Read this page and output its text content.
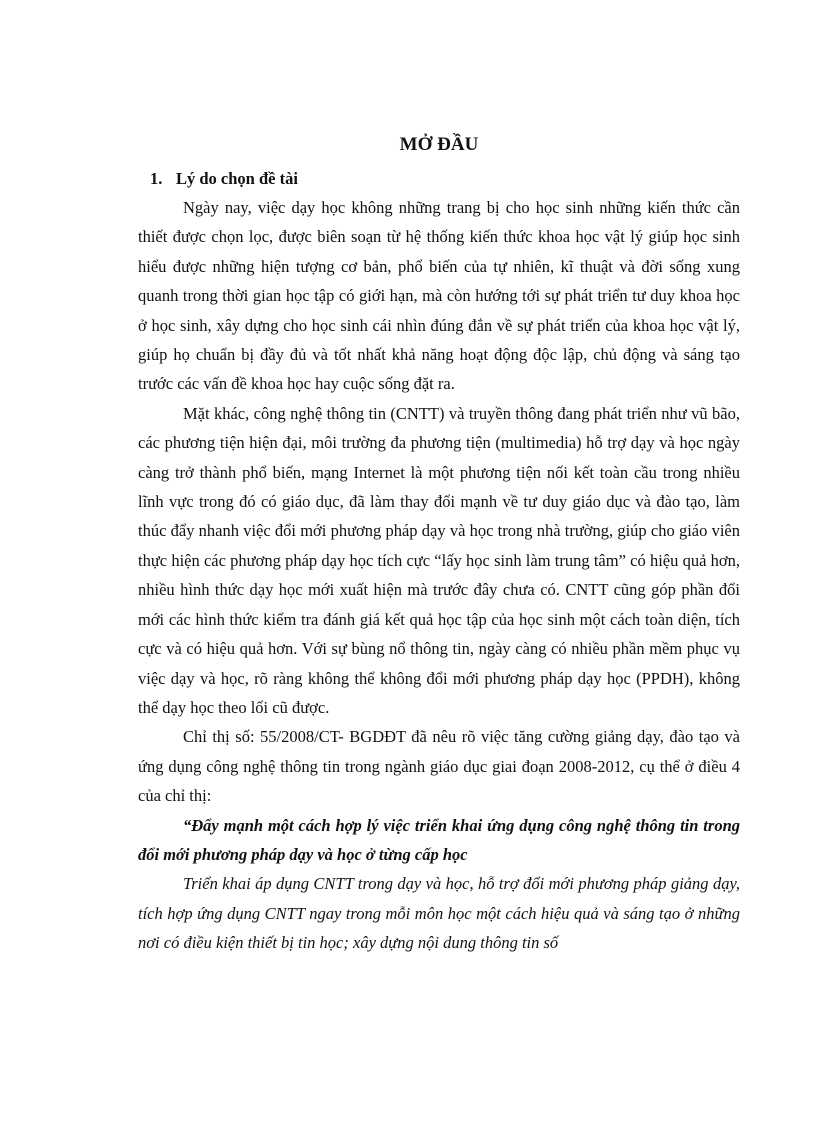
MỞ ĐẦU
1. Lý do chọn đề tài

Ngày nay, việc dạy học không những trang bị cho học sinh những kiến thức cần thiết được chọn lọc, được biên soạn từ hệ thống kiến thức khoa học vật lý giúp học sinh hiểu được những hiện tượng cơ bản, phổ biến của tự nhiên, kĩ thuật và đời sống xung quanh trong thời gian học tập có giới hạn, mà còn hướng tới sự phát triển tư duy khoa học ở học sinh, xây dựng cho học sinh cái nhìn đúng đắn về sự phát triển của khoa học vật lý, giúp họ chuẩn bị đầy đủ và tốt nhất khả năng hoạt động độc lập, chủ động và sáng tạo trước các vấn đề khoa học hay cuộc sống đặt ra.

Mặt khác, công nghệ thông tin (CNTT) và truyền thông đang phát triển như vũ bão, các phương tiện hiện đại, môi trường đa phương tiện (multimedia) hỗ trợ dạy và học ngày càng trở thành phổ biến, mạng Internet là một phương tiện nối kết toàn cầu trong nhiều lĩnh vực trong đó có giáo dục, đã làm thay đổi mạnh về tư duy giáo dục và đào tạo, làm thúc đẩy nhanh việc đổi mới phương pháp dạy và học trong nhà trường, giúp cho giáo viên thực hiện các phương pháp dạy học tích cực “lấy học sinh làm trung tâm” có hiệu quả hơn, nhiều hình thức dạy học mới xuất hiện mà trước đây chưa có. CNTT cũng góp phần đổi mới các hình thức kiểm tra đánh giá kết quả học tập của học sinh một cách toàn diện, tích cực và có hiệu quả hơn. Với sự bùng nổ thông tin, ngày càng có nhiều phần mềm phục vụ việc dạy và học, rõ ràng không thể không đổi mới phương pháp dạy học (PPDH), không thể dạy học theo lối cũ được.

Chỉ thị số: 55/2008/CT- BGDĐT đã nêu rõ việc tăng cường giảng dạy, đào tạo và ứng dụng công nghệ thông tin trong ngành giáo dục giai đoạn 2008-2012, cụ thể ở điều 4 của chỉ thị:

“Đẩy mạnh một cách hợp lý việc triển khai ứng dụng công nghệ thông tin trong đổi mới phương pháp dạy và học ở từng cấp học

Triển khai áp dụng CNTT trong dạy và học, hỗ trợ đổi mới phương pháp giảng dạy, tích hợp ứng dụng CNTT ngay trong mỗi môn học một cách hiệu quả và sáng tạo ở những nơi có điều kiện thiết bị tin học; xây dựng nội dung thông tin số
